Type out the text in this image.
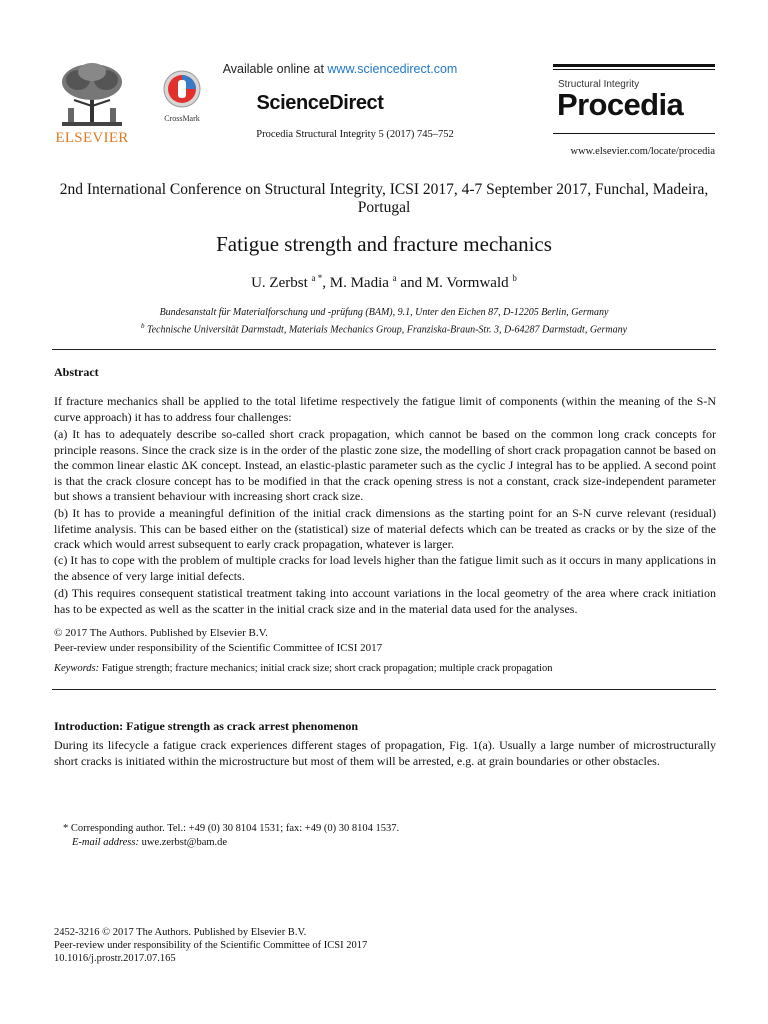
ELSEVIER
CrossMark
Available online at www.sciencedirect.com
ScienceDirect
Procedia Structural Integrity 5 (2017) 745–752
Structural Integrity
Procedia
www.elsevier.com/locate/procedia
2nd International Conference on Structural Integrity, ICSI 2017, 4-7 September 2017, Funchal, Madeira, Portugal
Fatigue strength and fracture mechanics
U. Zerbst $^{a *}$, M. Madia $^a$ and M. Vormwald $^b$
Bundesanstalt für Materialforschung und -prüfung (BAM), 9.1, Unter den Eichen 87, D-12205 Berlin, Germany
$^b$ Technische Universität Darmstadt, Materials Mechanics Group, Franziska-Braun-Str. 3, D-64287 Darmstadt, Germany
Abstract
If fracture mechanics shall be applied to the total lifetime respectively the fatigue limit of components (within the meaning of the S-N curve approach) it has to address four challenges:
(a) It has to adequately describe so-called short crack propagation, which cannot be based on the common long crack concepts for principle reasons. Since the crack size is in the order of the plastic zone size, the modelling of short crack propagation cannot be based on the common linear elastic ΔK concept. Instead, an elastic-plastic parameter such as the cyclic J integral has to be applied. A second point is that the crack closure concept has to be modified in that the crack opening stress is not a constant, crack size-independent parameter but shows a transient behaviour with increasing short crack size.
(b) It has to provide a meaningful definition of the initial crack dimensions as the starting point for an S-N curve relevant (residual) lifetime analysis. This can be based either on the (statistical) size of material defects which can be treated as cracks or by the size of the crack which would arrest subsequent to early crack propagation, whatever is larger.
(c) It has to cope with the problem of multiple cracks for load levels higher than the fatigue limit such as it occurs in many applications in the absence of very large initial defects.
(d) This requires consequent statistical treatment taking into account variations in the local geometry of the area where crack initiation has to be expected as well as the scatter in the initial crack size and in the material data used for the analyses.
© 2017 The Authors. Published by Elsevier B.V.
Peer-review under responsibility of the Scientific Committee of ICSI 2017
Keywords: Fatigue strength; fracture mechanics; initial crack size; short crack propagation; multiple crack propagation
Introduction: Fatigue strength as crack arrest phenomenon
During its lifecycle a fatigue crack experiences different stages of propagation, Fig. 1(a). Usually a large number of microstructurally short cracks is initiated within the microstructure but most of them will be arrested, e.g. at grain boundaries or other obstacles.
* Corresponding author. Tel.: +49 (0) 30 8104 1531; fax: +49 (0) 30 8104 1537.
E-mail address: uwe.zerbst@bam.de
2452-3216 © 2017 The Authors. Published by Elsevier B.V.
Peer-review under responsibility of the Scientific Committee of ICSI 2017
10.1016/j.prostr.2017.07.165
